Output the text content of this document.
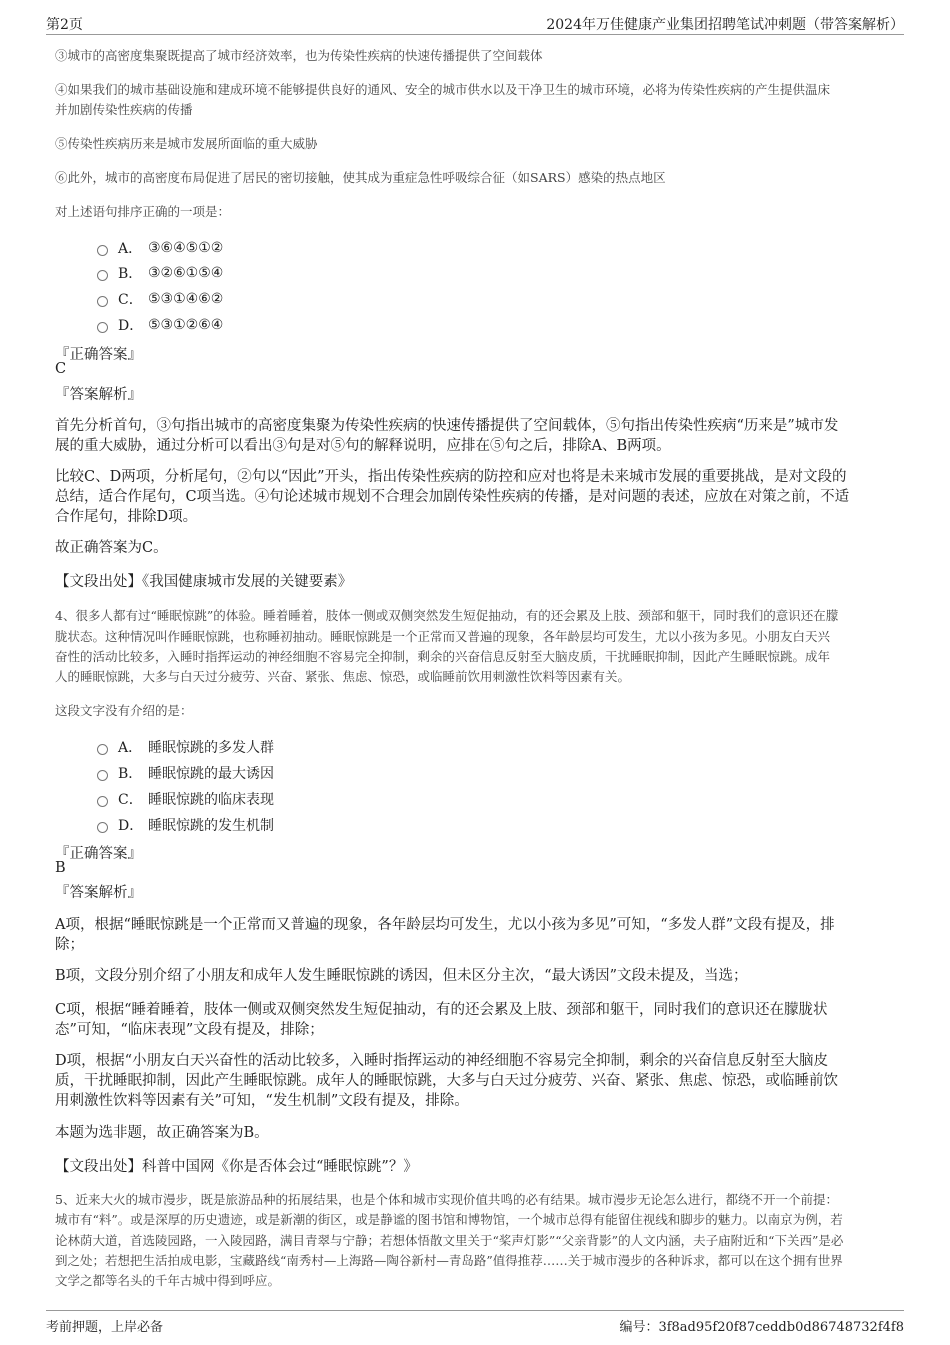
第2页	2024年万佳健康产业集团招聘笔试冲刺题（带答案解析）
③城市的高密度集聚既提高了城市经济效率，也为传染性疾病的快速传播提供了空间载体
④如果我们的城市基础设施和建成环境不能够提供良好的通风、安全的城市供水以及干净卫生的城市环境，必将为传染性疾病的产生提供温床
并加剧传染性疾病的传播
⑤传染性疾病历来是城市发展所面临的重大威胁
⑥此外，城市的高密度布局促进了居民的密切接触，使其成为重症急性呼吸综合征（如SARS）感染的热点地区
对上述语句排序正确的一项是：
A． ③⑥④⑤①②
B． ③②⑥①⑤④
C． ⑤③①④⑥②
D． ⑤③①②⑥④
『正确答案』
C
『答案解析』
首先分析首句，③句指出城市的高密度集聚为传染性疾病的快速传播提供了空间载体，⑤句指出传染性疾病“历来是”城市发
展的重大威胁，通过分析可以看出③句是对⑤句的解释说明，应排在⑤句之后，排除A、B两项。
比较C、D两项，分析尾句，②句以“因此”开头，指出传染性疾病的防控和应对也将是未来城市发展的重要挑战，是对文段的
总结，适合作尾句，C项当选。④句论述城市规划不合理会加剧传染性疾病的传播，是对问题的表述，应放在对策之前，不适
合作尾句，排除D项。
故正确答案为C。
【文段出处】《我国健康城市发展的关键要素》
4、很多人都有过“睡眠惊跳”的体验。睡着睡着，肢体一侧或双侧突然发生短促抽动，有的还会累及上肢、颈部和躯干，同时我们的意识还在朦
胧状态。这种情况叫作睡眠惊跳，也称睡初抽动。睡眠惊跳是一个正常而又普遍的现象，各年龄层均可发生，尤以小孩为多见。小朋友白天兴
奋性的活动比较多，入睡时指挥运动的神经细胞不容易完全抑制，剩余的兴奋信息反射至大脑皮质，干扰睡眠抑制，因此产生睡眠惊跳。成年
人的睡眠惊跳，大多与白天过分疲劳、兴奋、紧张、焦虑、惊恐，或临睡前饮用刺激性饮料等因素有关。
这段文字没有介绍的是：
A． 睡眠惊跳的多发人群
B． 睡眠惊跳的最大诱因
C． 睡眠惊跳的临床表现
D． 睡眠惊跳的发生机制
『正确答案』
B
『答案解析』
A项，根据“睡眠惊跳是一个正常而又普遍的现象，各年龄层均可发生，尤以小孩为多见”可知，“多发人群”文段有提及，排
除；
B项，文段分别介绍了小朋友和成年人发生睡眠惊跳的诱因，但未区分主次，“最大诱因”文段未提及，当选；
C项，根据“睡着睡着，肢体一侧或双侧突然发生短促抽动，有的还会累及上肢、颈部和躯干，同时我们的意识还在朦胧状
态”可知，“临床表现”文段有提及，排除；
D项，根据“小朋友白天兴奋性的活动比较多，入睡时指挥运动的神经细胞不容易完全抑制，剩余的兴奋信息反射至大脑皮
质，干扰睡眠抑制，因此产生睡眠惊跳。成年人的睡眠惊跳，大多与白天过分疲劳、兴奋、紧张、焦虑、惊恐，或临睡前饮
用刺激性饮料等因素有关”可知，“发生机制”文段有提及，排除。
本题为选非题，故正确答案为B。
【文段出处】科普中国网《你是否体会过“睡眠惊跳”？》
5、近来大火的城市漫步，既是旅游品种的拓展结果，也是个体和城市实现价值共鸣的必有结果。城市漫步无论怎么进行，都绕不开一个前提：
城市有“料”。或是深厚的历史遗迹，或是新潮的街区，或是静谧的图书馆和博物馆，一个城市总得有能留住视线和脚步的魅力。以南京为例，若
论林荫大道，首选陵园路，一入陵园路，满目青翠与宁静；若想体悟散文里关于“桨声灯影”“父亲背影”的人文内涵，夫子庙附近和“下关西”是必
到之处；若想把生活拍成电影，宝藏路线“南秀村—上海路—陶谷新村—青岛路”值得推荐……关于城市漫步的各种诉求，都可以在这个拥有世界
文学之都等名头的千年古城中得到呼应。
考前押题，上岸必备	编号：3f8ad95f20f87ceddb0d86748732f4f8
